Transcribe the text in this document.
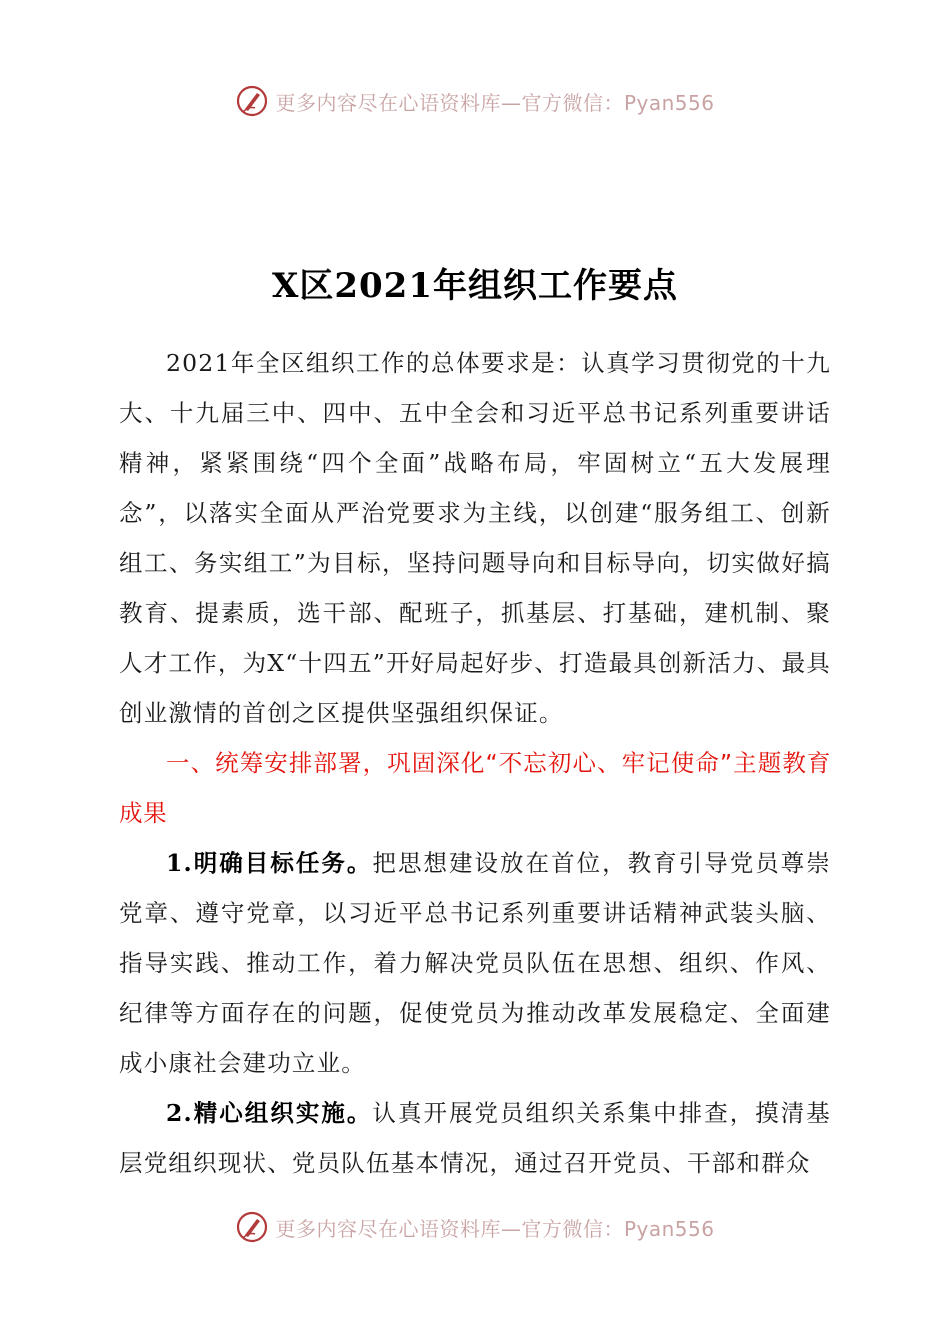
更多内容尽在心语资料库—官方微信：Pyan556
X区2021年组织工作要点

2021年全区组织工作的总体要求是：认真学习贯彻党的十九大、十九届三中、四中、五中全会和习近平总书记系列重要讲话精神，紧紧围绕“四个全面”战略布局，牢固树立“五大发展理念”，以落实全面从严治党要求为主线，以创建“服务组工、创新组工、务实组工”为目标，坚持问题导向和目标导向，切实做好搞教育、提素质，选干部、配班子，抓基层、打基础，建机制、聚人才工作，为X“十四五”开好局起好步、打造最具创新活力、最具创业激情的首创之区提供坚强组织保证。

一、统筹安排部署，巩固深化“不忘初心、牢记使命”主题教育成果

1.明确目标任务。把思想建设放在首位，教育引导党员尊崇党章、遵守党章，以习近平总书记系列重要讲话精神武装头脑、指导实践、推动工作，着力解决党员队伍在思想、组织、作风、纪律等方面存在的问题，促使党员为推动改革发展稳定、全面建成小康社会建功立业。

2.精心组织实施。认真开展党员组织关系集中排查，摸清基层党组织现状、党员队伍基本情况，通过召开党员、干部和群众

更多内容尽在心语资料库—官方微信：Pyan556
